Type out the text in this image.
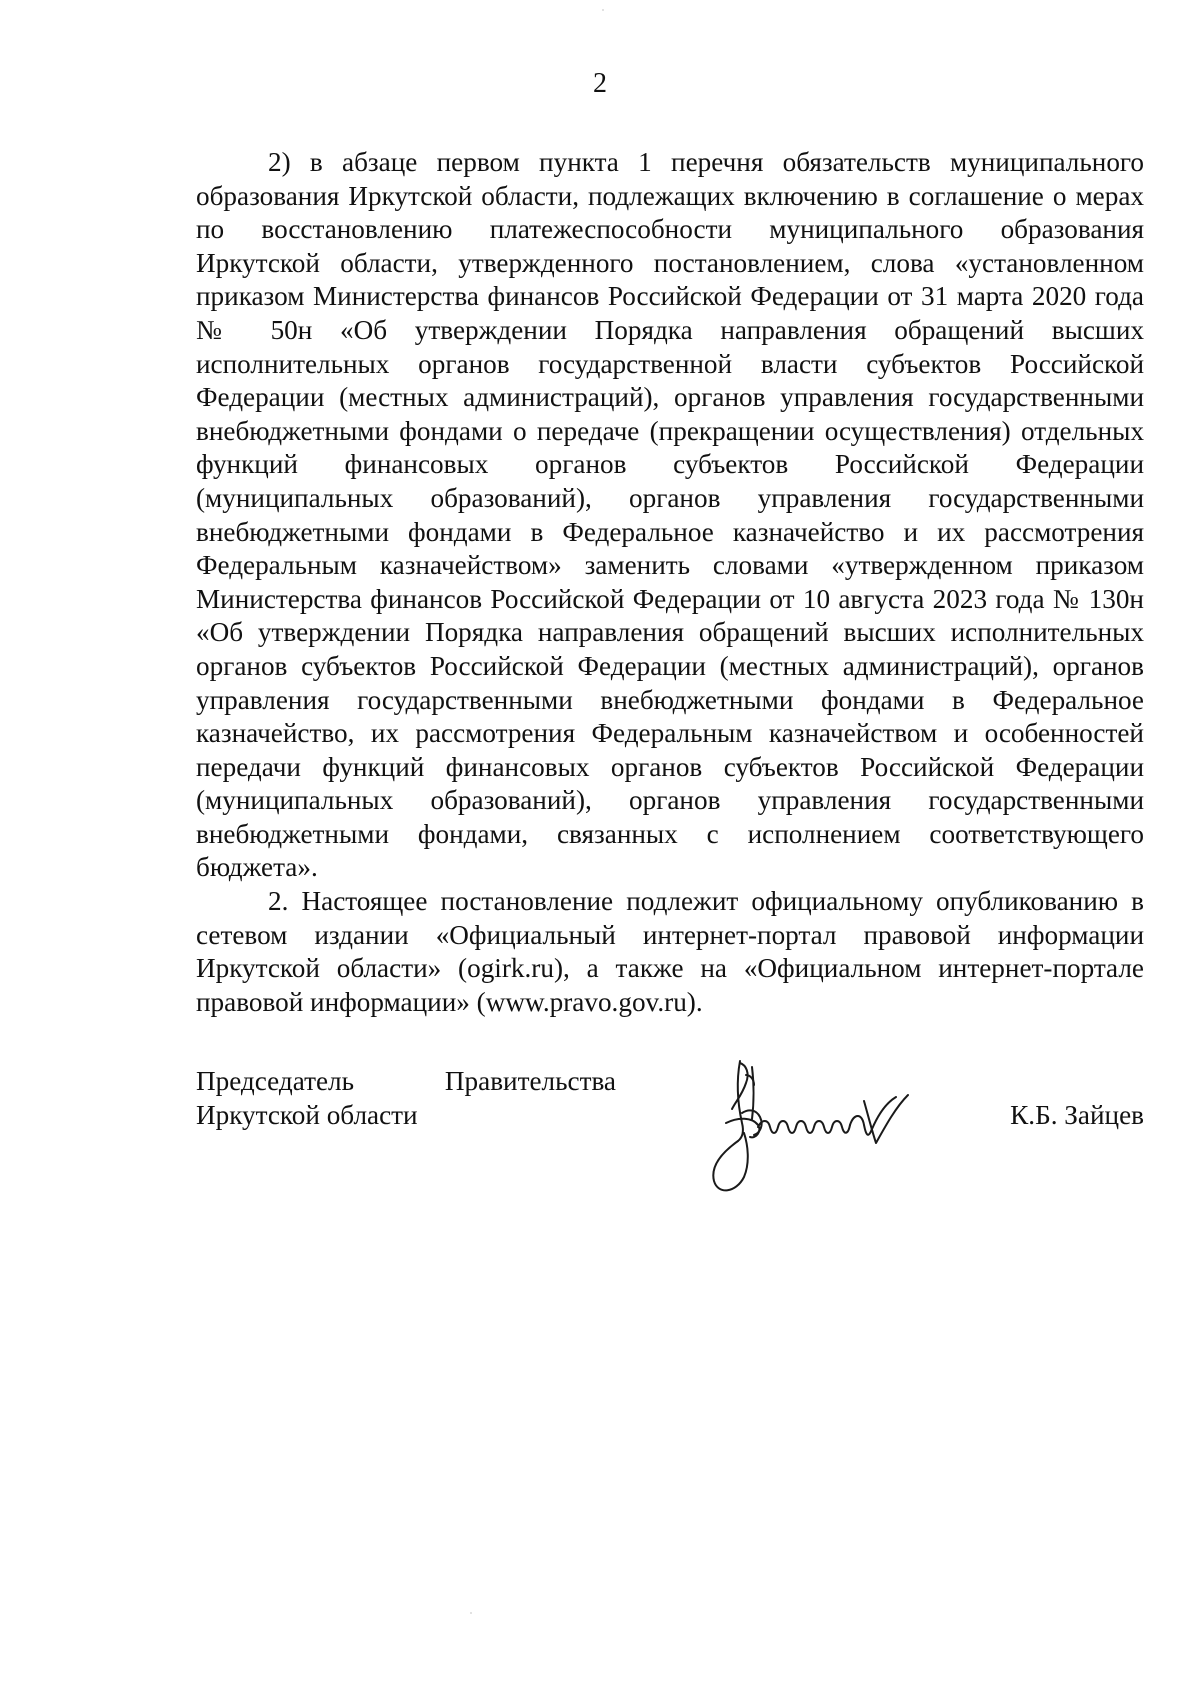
2

2) в абзаце первом пункта 1 перечня обязательств муниципального образования Иркутской области, подлежащих включению в соглашение о мерах по восстановлению платежеспособности муниципального образования Иркутской области, утвержденного постановлением, слова «установленном приказом Министерства финансов Российской Федерации от 31 марта 2020 года № 50н «Об утверждении Порядка направления обращений высших исполнительных органов государственной власти субъектов Российской Федерации (местных администраций), органов управления государственными внебюджетными фондами о передаче (прекращении осуществления) отдельных функций финансовых органов субъектов Российской Федерации (муниципальных образований), органов управления государственными внебюджетными фондами в Федеральное казначейство и их рассмотрения Федеральным казначейством» заменить словами «утвержденном приказом Министерства финансов Российской Федерации от 10 августа 2023 года № 130н «Об утверждении Порядка направления обращений высших исполнительных органов субъектов Российской Федерации (местных администраций), органов управления государственными внебюджетными фондами в Федеральное казначейство, их рассмотрения Федеральным казначейством и особенностей передачи функций финансовых органов субъектов Российской Федерации (муниципальных образований), органов управления государственными внебюджетными фондами, связанных с исполнением соответствующего бюджета».

2. Настоящее постановление подлежит официальному опубликованию в сетевом издании «Официальный интернет-портал правовой информации Иркутской области» (ogirk.ru), а также на «Официальном интернет-портале правовой информации» (www.pravo.gov.ru).

Председатель	Правительства
Иркутской области	К.Б. Зайцев
